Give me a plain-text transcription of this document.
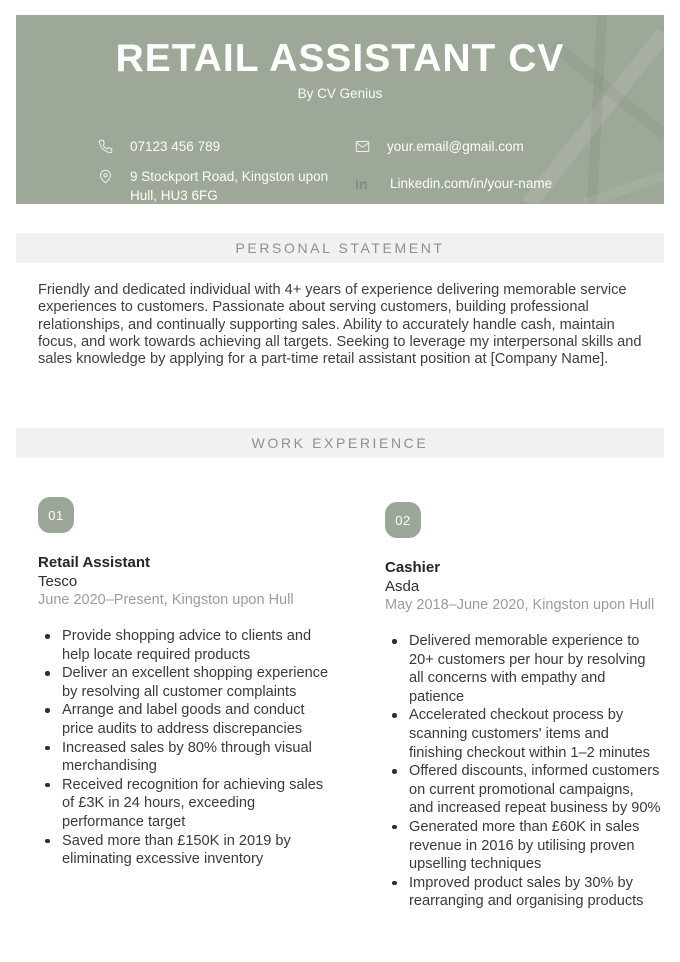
RETAIL ASSISTANT CV
By CV Genius
07123 456 789	your.email@gmail.com
9 Stockport Road, Kingston upon Hull, HU3 6FG
in	Linkedin.com/in/your-name
PERSONAL STATEMENT

Friendly and dedicated individual with 4+ years of experience delivering memorable service experiences to customers. Passionate about serving customers, building professional relationships, and continually supporting sales. Ability to accurately handle cash, maintain focus, and work towards achieving all targets. Seeking to leverage my interpersonal skills and sales knowledge by applying for a part-time retail assistant position at [Company Name].

WORK EXPERIENCE
01
Retail Assistant
Tesco
June 2020–Present, Kingston upon Hull
Provide shopping advice to clients and help locate required products
Deliver an excellent shopping experience by resolving all customer complaints
Arrange and label goods and conduct price audits to address discrepancies
Increased sales by 80% through visual merchandising
Received recognition for achieving sales of £3K in 24 hours, exceeding performance target
Saved more than £150K in 2019 by eliminating excessive inventory
02
Cashier
Asda
May 2018–June 2020, Kingston upon Hull
Delivered memorable experience to 20+ customers per hour by resolving all concerns with empathy and patience
Accelerated checkout process by scanning customers' items and finishing checkout within 1–2 minutes
Offered discounts, informed customers on current promotional campaigns, and increased repeat business by 90%
Generated more than £60K in sales revenue in 2016 by utilising proven upselling techniques
Improved product sales by 30% by rearranging and organising products
